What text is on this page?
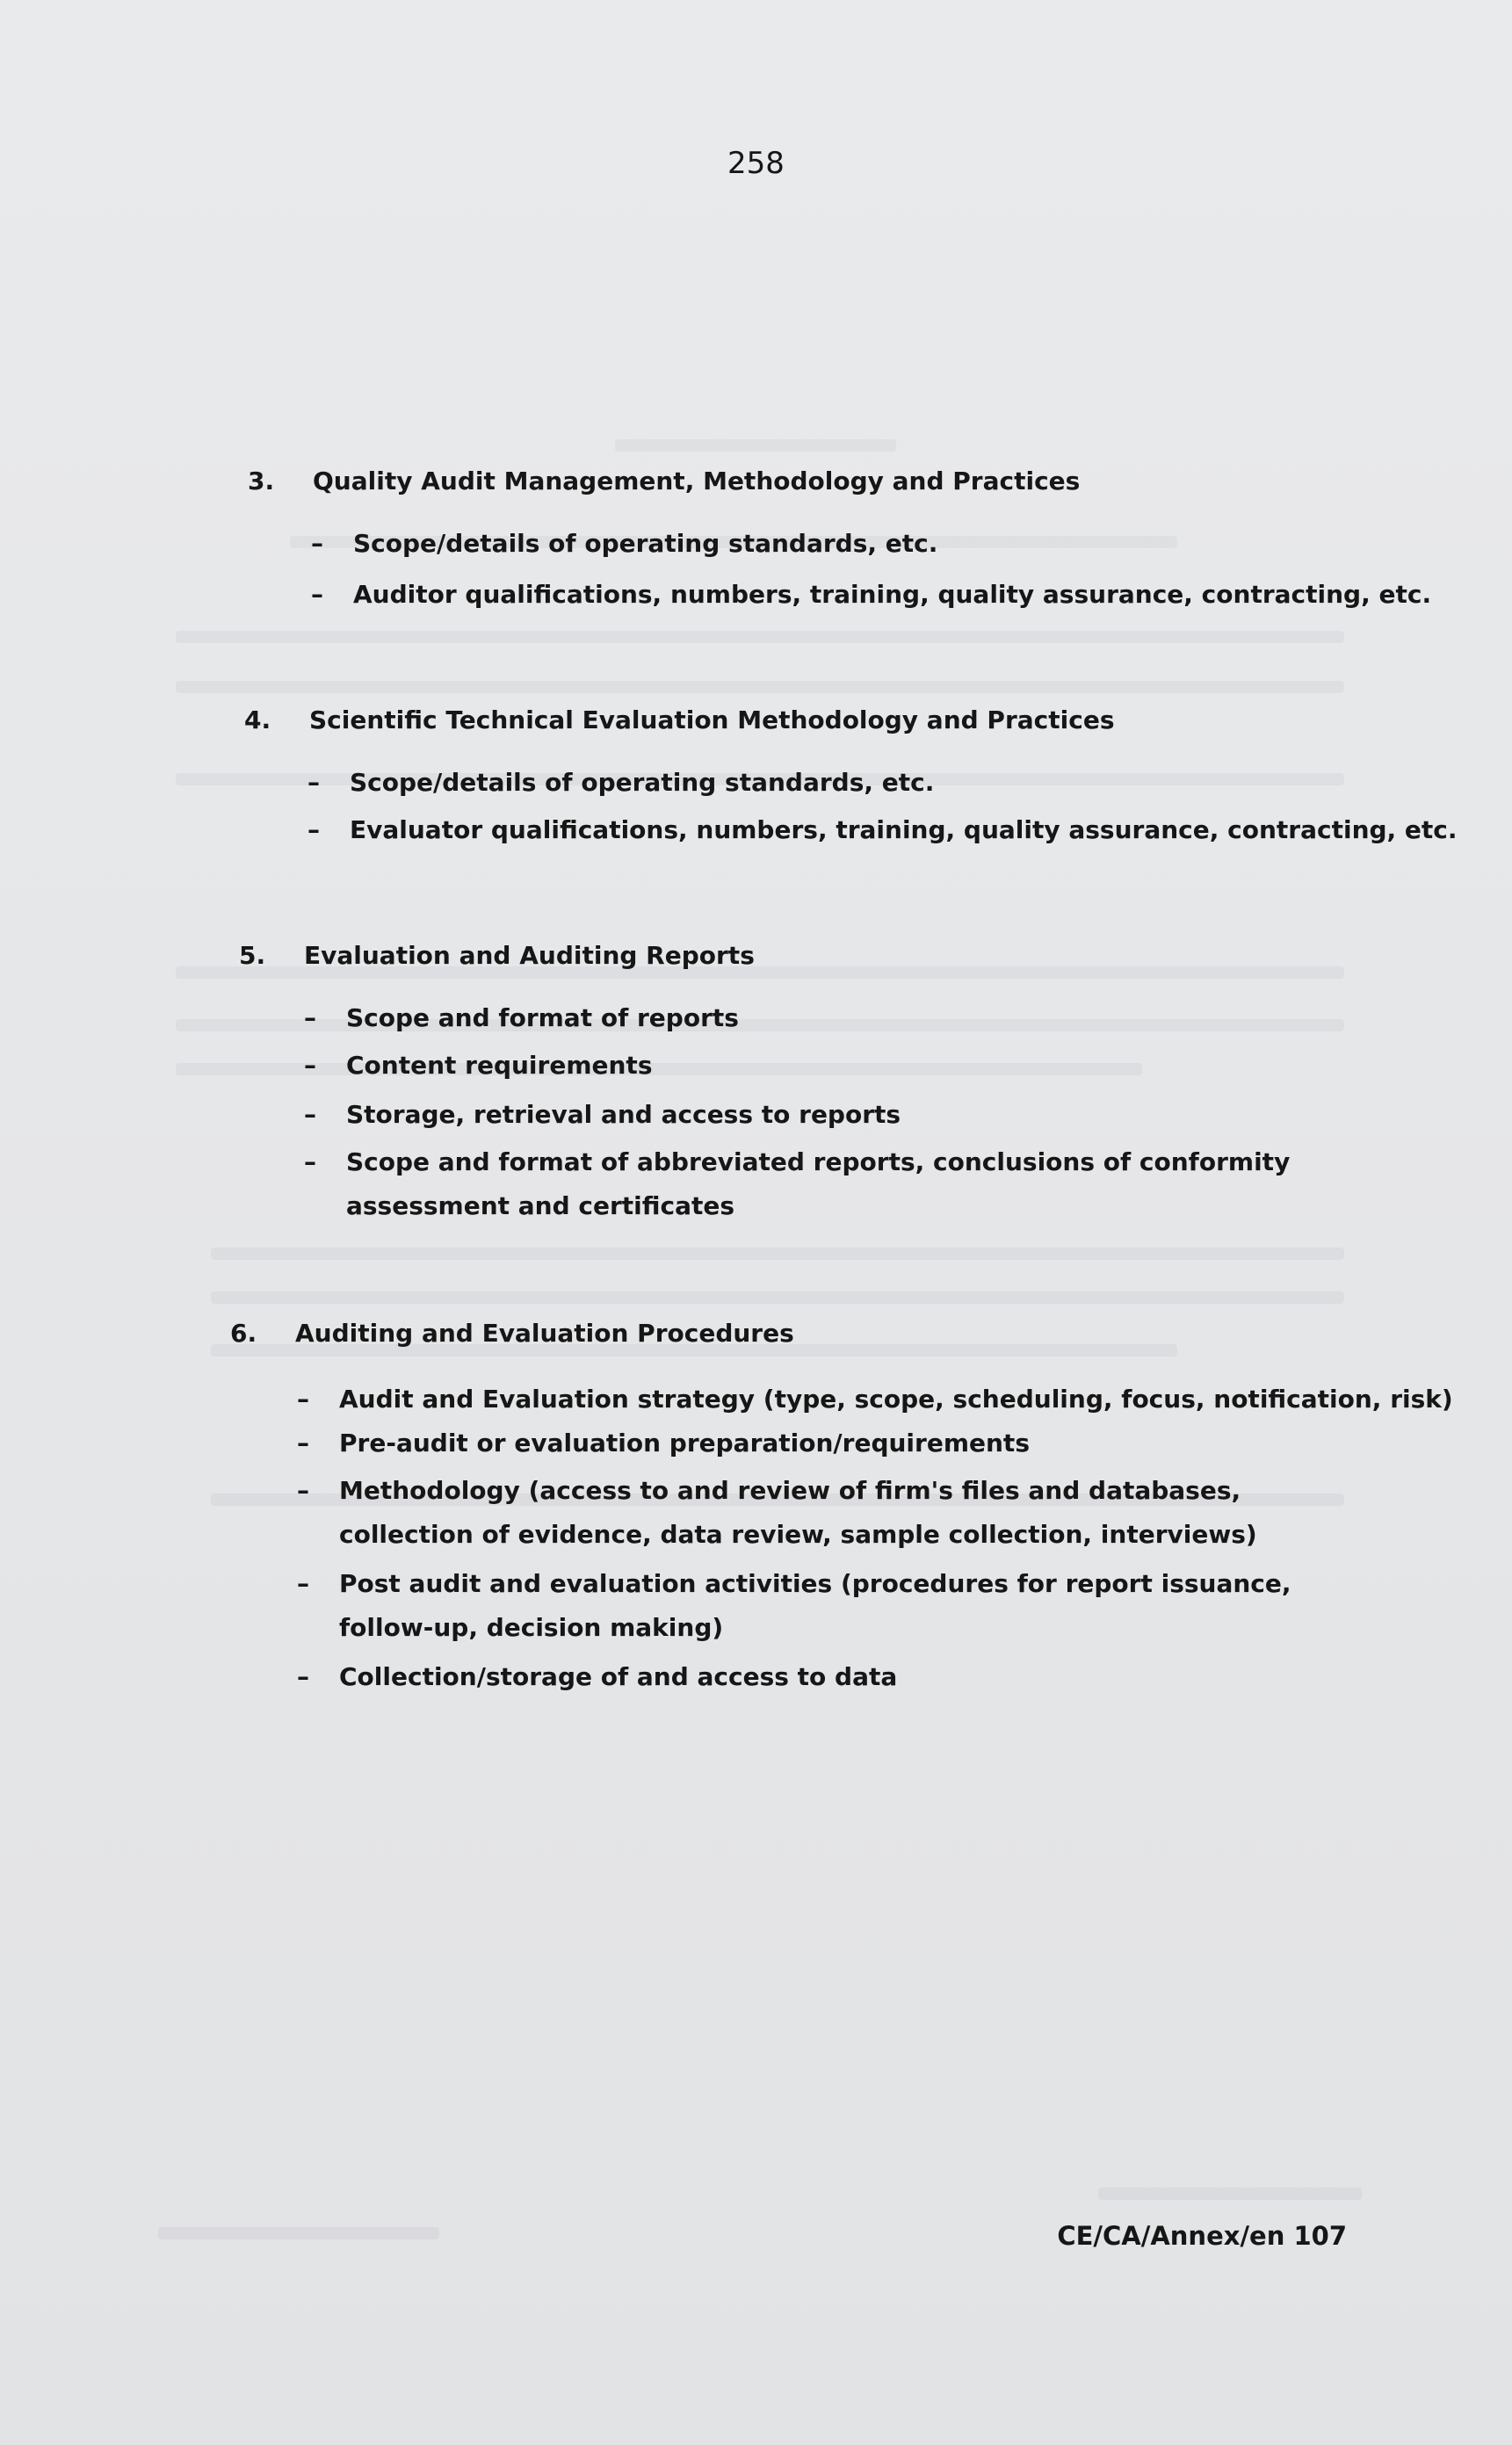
258
3.	Quality Audit Management, Methodology and Practices
–	Scope/details of operating standards, etc.
–	Auditor qualifications, numbers, training, quality assurance, contracting, etc.
4.	Scientific Technical Evaluation Methodology and Practices
–	Scope/details of operating standards, etc.
–	Evaluator qualifications, numbers, training, quality assurance, contracting, etc.
5.	Evaluation and Auditing Reports
–	Scope and format of reports
–	Content requirements
–	Storage, retrieval and access to reports
–	Scope and format of abbreviated reports, conclusions of conformity assessment and certificates
6.	Auditing and Evaluation Procedures
–	Audit and Evaluation strategy (type, scope, scheduling, focus, notification, risk)
–	Pre-audit or evaluation preparation/requirements
–	Methodology (access to and review of firm's files and databases, collection of evidence, data review, sample collection, interviews)
–	Post audit and evaluation activities (procedures for report issuance, follow-up, decision making)
–	Collection/storage of and access to data
CE/CA/Annex/en 107
